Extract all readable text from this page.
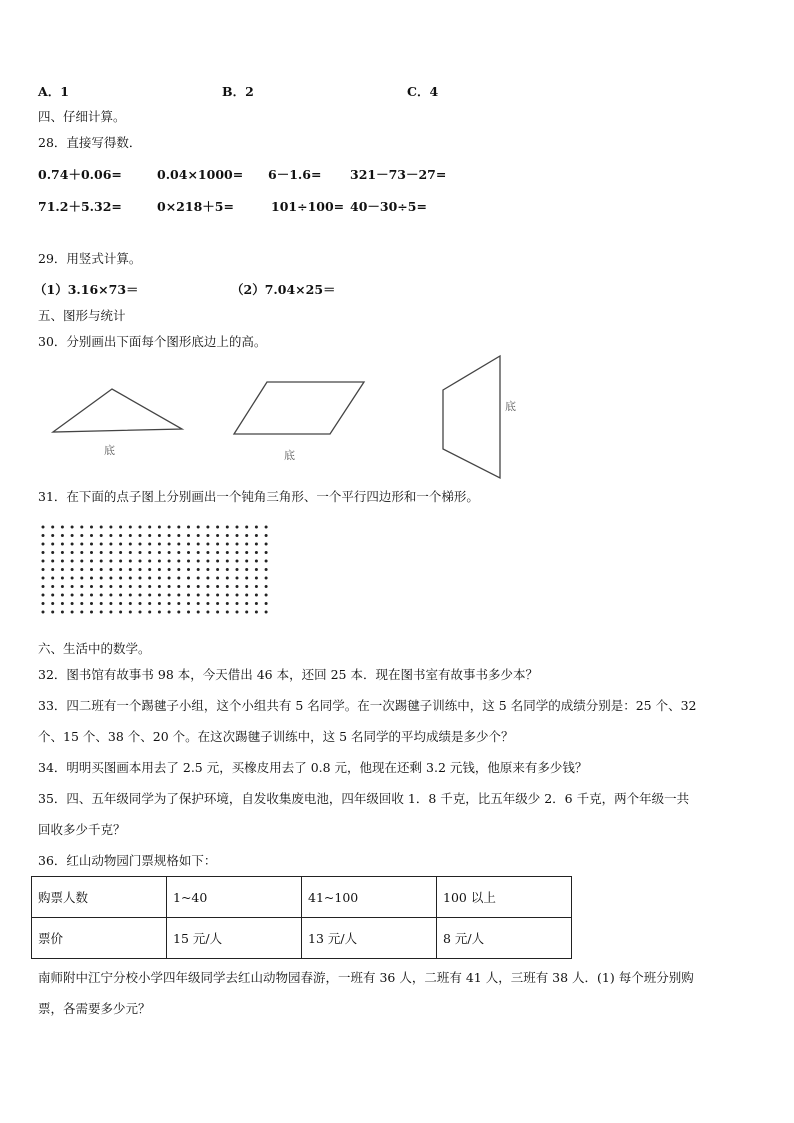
A．1	B．2	C．4
四、仔细计算。
28．直接写得数．
0.74＋0.06=	0.04×1000= 6－1.6= 321－73－27=
71.2＋5.32=	0×218＋5=	101÷100= 40－30÷5=
29．用竖式计算。
（1）3.16×73＝	（2）7.04×25＝
五、图形与统计
30．分别画出下面每个图形底边上的高。
底	底
底
31．在下面的点子图上分别画出一个钝角三角形、一个平行四边形和一个梯形。
六、生活中的数学。
32．图书馆有故事书 98 本，今天借出 46 本，还回 25 本．现在图书室有故事书多少本？
33．四二班有一个踢毽子小组，这个小组共有 5 名同学。在一次踢毽子训练中，这 5 名同学的成绩分别是：25 个、32
个、15 个、38 个、20 个。在这次踢毽子训练中，这 5 名同学的平均成绩是多少个？
34．明明买图画本用去了 2.5 元，买橡皮用去了 0.8 元，他现在还剩 3.2 元钱，他原来有多少钱？
35．四、五年级同学为了保护环境，自发收集废电池，四年级回收 1．8 千克，比五年级少 2．6 千克，两个年级一共
回收多少千克？
36．红山动物园门票规格如下：
购票人数	1~40	41~100	100 以上
票价	15 元/人	13 元/人	8 元/人
南师附中江宁分校小学四年级同学去红山动物园春游，一班有 36 人，二班有 41 人，三班有 38 人．(1) 每个班分别购
票，各需要多少元？
